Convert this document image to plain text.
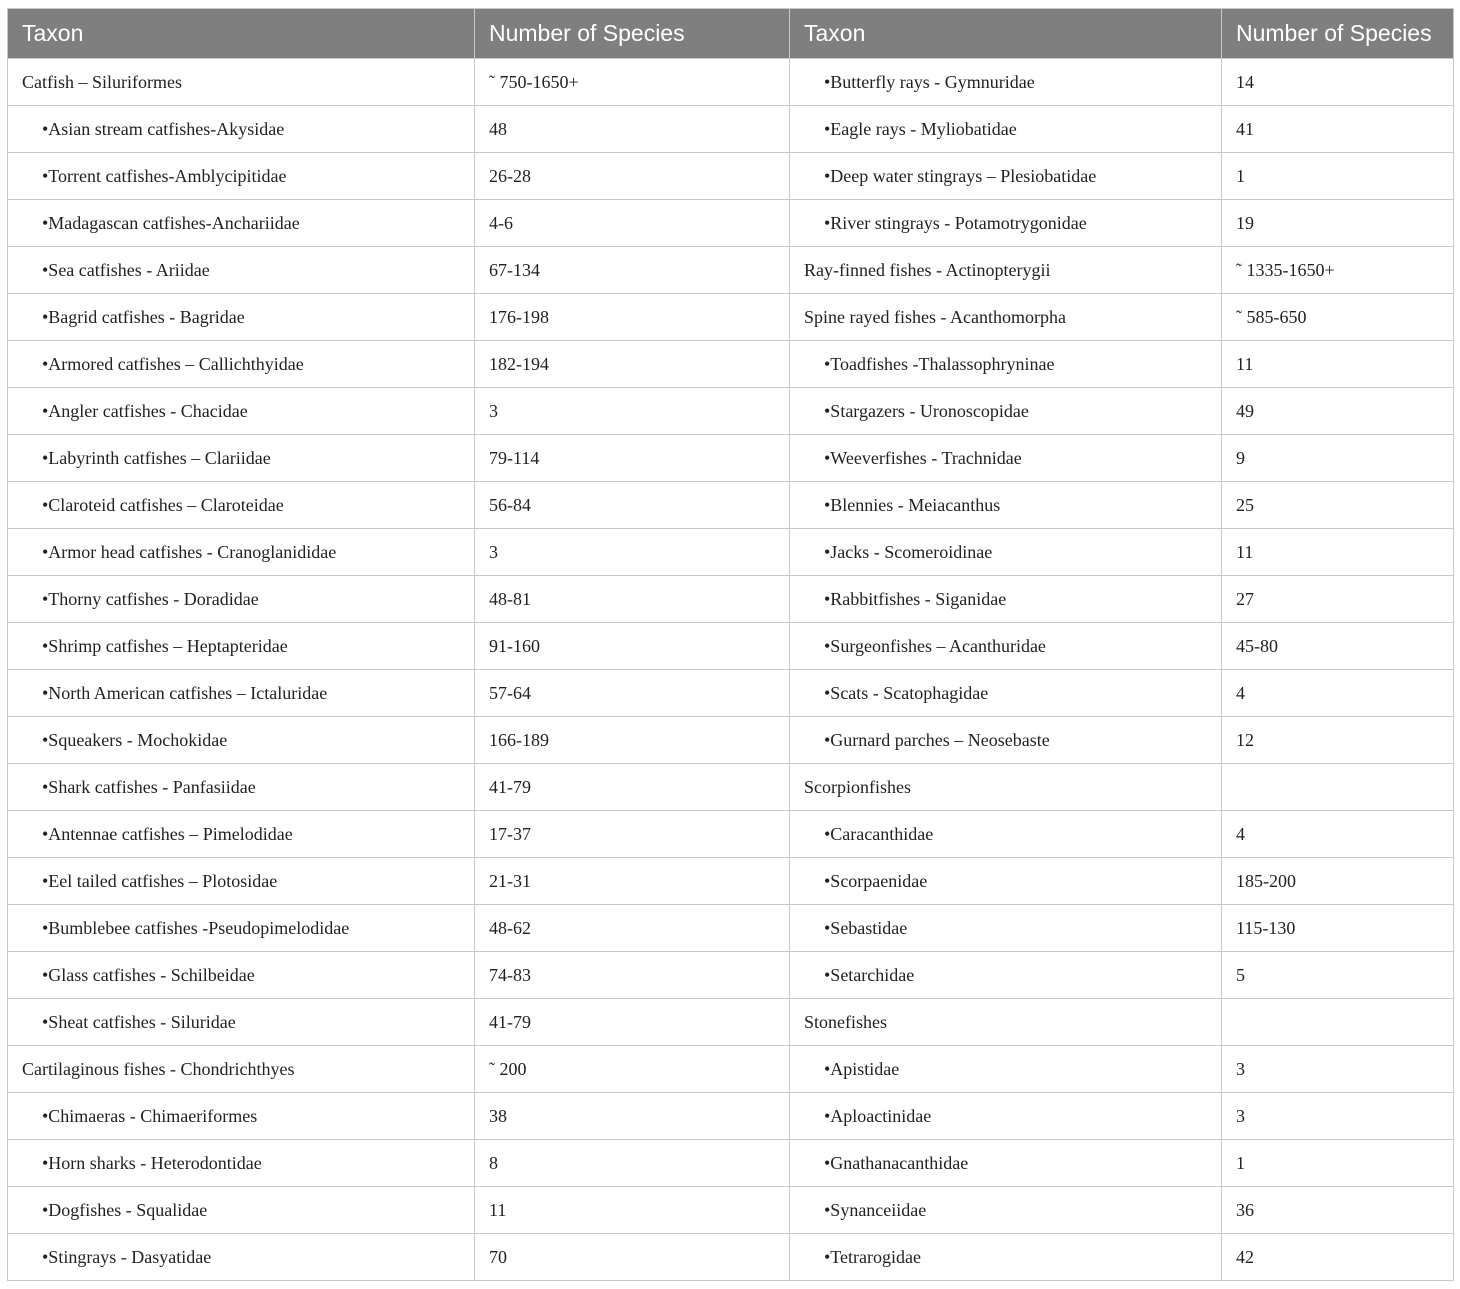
Taxon	Number of Species	Taxon	Number of Species
Catfish – Siluriformes	˜ 750-1650+	•Butterfly rays - Gymnuridae	14
•Asian stream catfishes-Akysidae	48	•Eagle rays - Myliobatidae	41
•Torrent catfishes-Amblycipitidae	26-28	•Deep water stingrays – Plesiobatidae	1
•Madagascan catfishes-Anchariidae	4-6	•River stingrays - Potamotrygonidae	19
•Sea catfishes - Ariidae	67-134	Ray-finned fishes - Actinopterygii	˜ 1335-1650+
•Bagrid catfishes - Bagridae	176-198	Spine rayed fishes - Acanthomorpha	˜ 585-650
•Armored catfishes – Callichthyidae	182-194	•Toadfishes -Thalassophryninae	11
•Angler catfishes - Chacidae	3	•Stargazers - Uronoscopidae	49
•Labyrinth catfishes – Clariidae	79-114	•Weeverfishes - Trachnidae	9
•Claroteid catfishes – Claroteidae	56-84	•Blennies - Meiacanthus	25
•Armor head catfishes - Cranoglanididae	3	•Jacks - Scomeroidinae	11
•Thorny catfishes - Doradidae	48-81	•Rabbitfishes - Siganidae	27
•Shrimp catfishes – Heptapteridae	91-160	•Surgeonfishes – Acanthuridae	45-80
•North American catfishes – Ictaluridae	57-64	•Scats - Scatophagidae	4
•Squeakers - Mochokidae	166-189	•Gurnard parches – Neosebaste	12
•Shark catfishes - Panfasiidae	41-79	Scorpionfishes	
•Antennae catfishes – Pimelodidae	17-37	•Caracanthidae	4
•Eel tailed catfishes – Plotosidae	21-31	•Scorpaenidae	185-200
•Bumblebee catfishes -Pseudopimelodidae	48-62	•Sebastidae	115-130
•Glass catfishes - Schilbeidae	74-83	•Setarchidae	5
•Sheat catfishes - Siluridae	41-79	Stonefishes	
Cartilaginous fishes - Chondrichthyes	˜ 200	•Apistidae	3
•Chimaeras - Chimaeriformes	38	•Aploactinidae	3
•Horn sharks - Heterodontidae	8	•Gnathanacanthidae	1
•Dogfishes - Squalidae	11	•Synanceiidae	36
•Stingrays - Dasyatidae	70	•Tetrarogidae	42
